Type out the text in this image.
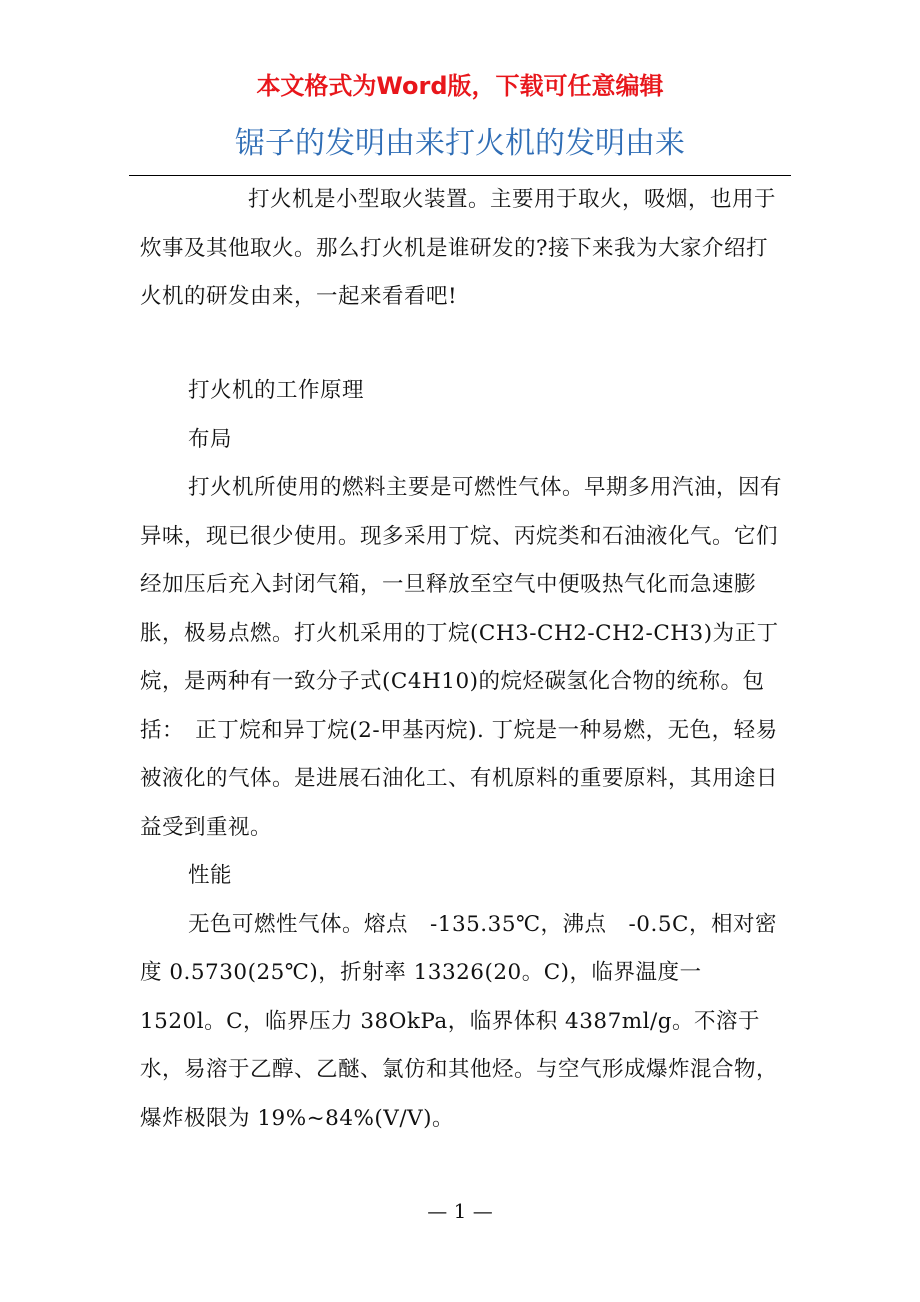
本文格式为Word版，下载可任意编辑
锯子的发明由来打火机的发明由来

打火机是小型取火装置。主要用于取火，吸烟，也用于炊事及其他取火。那么打火机是谁研发的?接下来我为大家介绍打火机的研发由来，一起来看看吧!

打火机的工作原理

布局

打火机所使用的燃料主要是可燃性气体。早期多用汽油，因有异味，现已很少使用。现多采用丁烷、丙烷类和石油液化气。它们经加压后充入封闭气箱，一旦释放至空气中便吸热气化而急速膨胀，极易点燃。打火机采用的丁烷(CH3-CH2-CH2-CH3)为正丁烷，是两种有一致分子式(C4H10)的烷烃碳氢化合物的统称。包括：　正丁烷和异丁烷(2-甲基丙烷). 丁烷是一种易燃，无色，轻易被液化的气体。是进展石油化工、有机原料的重要原料，其用途日益受到重视。

性能

无色可燃性气体。熔点　-135.35℃，沸点　-0.5C，相对密度 0.5730(25℃)，折射率 13326(20。C)，临界温度一1520l。C，临界压力 38OkPa，临界体积 4387ml/g。不溶于水，易溶于乙醇、乙醚、氯仿和其他烃。与空气形成爆炸混合物，爆炸极限为 19%~84%(V/V)。

— 1 —
